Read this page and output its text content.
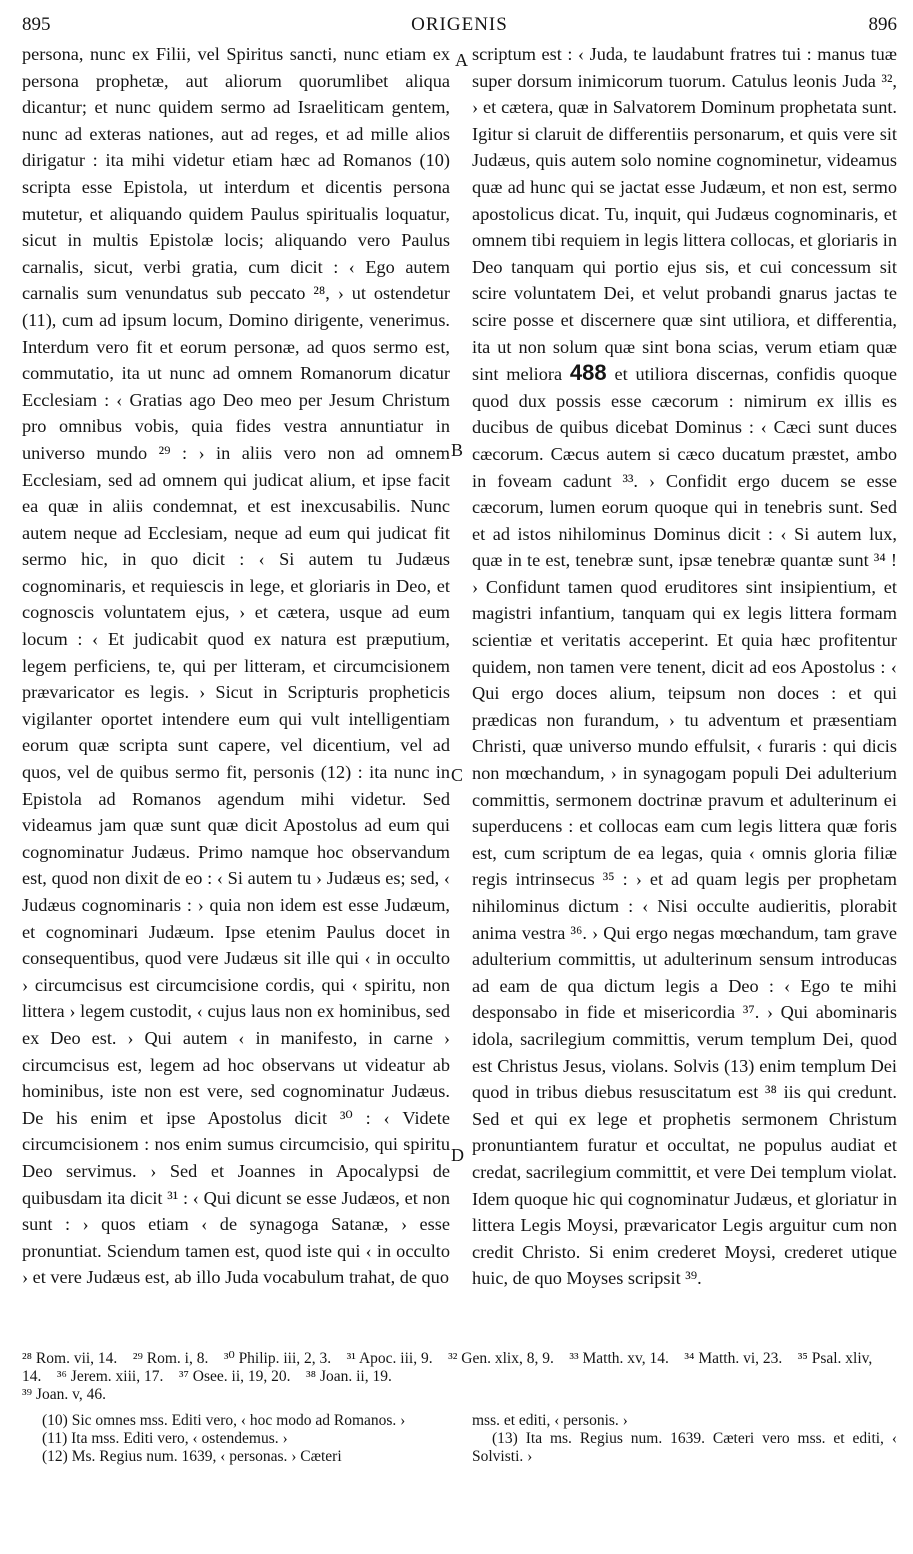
895	ORIGENIS	896
A
B
C
D

persona, nunc ex Filii, vel Spiritus sancti, nunc etiam ex persona prophetæ, aut aliorum quorumlibet aliqua dicantur; et nunc quidem sermo ad Israeliticam gentem, nunc ad exteras nationes, aut ad reges, et ad mille alios dirigatur : ita mihi videtur etiam hæc ad Romanos (10) scripta esse Epistola, ut interdum et dicentis persona mutetur, et aliquando quidem Paulus spiritualis loquatur, sicut in multis Epistolæ locis; aliquando vero Paulus carnalis, sicut, verbi gratia, cum dicit : ‹ Ego autem carnalis sum venundatus sub peccato ²⁸, › ut ostendetur (11), cum ad ipsum locum, Domino dirigente, venerimus. Interdum vero fit et eorum personæ, ad quos sermo est, commutatio, ita ut nunc ad omnem Romanorum dicatur Ecclesiam : ‹ Gratias ago Deo meo per Jesum Christum pro omnibus vobis, quia fides vestra annuntiatur in universo mundo ²⁹ : › in aliis vero non ad omnem Ecclesiam, sed ad omnem qui judicat alium, et ipse facit ea quæ in aliis condemnat, et est inexcusabilis. Nunc autem neque ad Ecclesiam, neque ad eum qui judicat fit sermo hic, in quo dicit : ‹ Si autem tu Judæus cognominaris, et requiescis in lege, et gloriaris in Deo, et cognoscis voluntatem ejus, › et cætera, usque ad eum locum : ‹ Et judicabit quod ex natura est præputium, legem perficiens, te, qui per litteram, et circumcisionem prævaricator es legis. › Sicut in Scripturis propheticis vigilanter oportet intendere eum qui vult intelligentiam eorum quæ scripta sunt capere, vel dicentium, vel ad quos, vel de quibus sermo fit, personis (12) : ita nunc in Epistola ad Romanos agendum mihi videtur. Sed videamus jam quæ sunt quæ dicit Apostolus ad eum qui cognominatur Judæus. Primo namque hoc observandum est, quod non dixit de eo : ‹ Si autem tu › Judæus es; sed, ‹ Judæus cognominaris : › quia non idem est esse Judæum, et cognominari Judæum. Ipse etenim Paulus docet in consequentibus, quod vere Judæus sit ille qui ‹ in occulto › circumcisus est circumcisione cordis, qui ‹ spiritu, non littera › legem custodit, ‹ cujus laus non ex hominibus, sed ex Deo est. › Qui autem ‹ in manifesto, in carne › circumcisus est, legem ad hoc observans ut videatur ab hominibus, iste non est vere, sed cognominatur Judæus. De his enim et ipse Apostolus dicit ³⁰ : ‹ Videte circumcisionem : nos enim sumus circumcisio, qui spiritu Deo servimus. › Sed et Joannes in Apocalypsi de quibusdam ita dicit ³¹ : ‹ Qui dicunt se esse Judæos, et non sunt : › quos etiam ‹ de synagoga Satanæ, › esse pronuntiat. Sciendum tamen est, quod iste qui ‹ in occulto › et vere Judæus est, ab illo Juda vocabulum trahat, de quo

scriptum est : ‹ Juda, te laudabunt fratres tui : manus tuæ super dorsum inimicorum tuorum. Catulus leonis Juda ³², › et cætera, quæ in Salvatorem Dominum prophetata sunt. Igitur si claruit de differentiis personarum, et quis vere sit Judæus, quis autem solo nomine cognominetur, videamus quæ ad hunc qui se jactat esse Judæum, et non est, sermo apostolicus dicat. Tu, inquit, qui Judæus cognominaris, et omnem tibi requiem in legis littera collocas, et gloriaris in Deo tanquam qui portio ejus sis, et cui concessum sit scire voluntatem Dei, et velut probandi gnarus jactas te scire posse et discernere quæ sint utiliora, et differentia, ita ut non solum quæ sint bona scias, verum etiam quæ sint meliora 488 et utiliora discernas, confidis quoque quod dux possis esse cæcorum : nimirum ex illis es ducibus de quibus dicebat Dominus : ‹ Cæci sunt duces cæcorum. Cæcus autem si cæco ducatum præstet, ambo in foveam cadunt ³³. › Confidit ergo ducem se esse cæcorum, lumen eorum quoque qui in tenebris sunt. Sed et ad istos nihilominus Dominus dicit : ‹ Si autem lux, quæ in te est, tenebræ sunt, ipsæ tenebræ quantæ sunt ³⁴ ! › Confidunt tamen quod eruditores sint insipientium, et magistri infantium, tanquam qui ex legis littera formam scientiæ et veritatis acceperint. Et quia hæc profitentur quidem, non tamen vere tenent, dicit ad eos Apostolus : ‹ Qui ergo doces alium, teipsum non doces : et qui prædicas non furandum, › tu adventum et præsentiam Christi, quæ universo mundo effulsit, ‹ furaris : qui dicis non mœchandum, › in synagogam populi Dei adulterium committis, sermonem doctrinæ pravum et adulterinum ei superducens : et collocas eam cum legis littera quæ foris est, cum scriptum de ea legas, quia ‹ omnis gloria filiæ regis intrinsecus ³⁵ : › et ad quam legis per prophetam nihilominus dictum : ‹ Nisi occulte audieritis, plorabit anima vestra ³⁶. › Qui ergo negas mœchandum, tam grave adulterium committis, ut adulterinum sensum introducas ad eam de qua dictum legis a Deo : ‹ Ego te mihi desponsabo in fide et misericordia ³⁷. › Qui abominaris idola, sacrilegium committis, verum templum Dei, quod est Christus Jesus, violans. Solvis (13) enim templum Dei quod in tribus diebus resuscitatum est ³⁸ iis qui credunt. Sed et qui ex lege et prophetis sermonem Christum pronuntiantem furatur et occultat, ne populus audiat et credat, sacrilegium committit, et vere Dei templum violat. Idem quoque hic qui cognominatur Judæus, et gloriatur in littera Legis Moysi, prævaricator Legis arguitur cum non credit Christo. Si enim crederet Moysi, crederet utique huic, de quo Moyses scripsit ³⁹.

²⁸ Rom. vii, 14. ²⁹ Rom. i, 8. ³⁰ Philip. iii, 2, 3. ³¹ Apoc. iii, 9. ³² Gen. xlix, 8, 9. ³³ Matth. xv, 14. ³⁴ Matth. vi, 23. ³⁵ Psal. xliv, 14. ³⁶ Jerem. xiii, 17. ³⁷ Osee. ii, 19, 20. ³⁸ Joan. ii, 19.
³⁹ Joan. v, 46.

(10) Sic omnes mss. Editi vero, ‹ hoc modo ad Romanos. ›

(11) Ita mss. Editi vero, ‹ ostendemus. ›

(12) Ms. Regius num. 1639, ‹ personas. › Cæteri

mss. et editi, ‹ personis. ›

(13) Ita ms. Regius num. 1639. Cæteri vero mss. et editi, ‹ Solvisti. ›
